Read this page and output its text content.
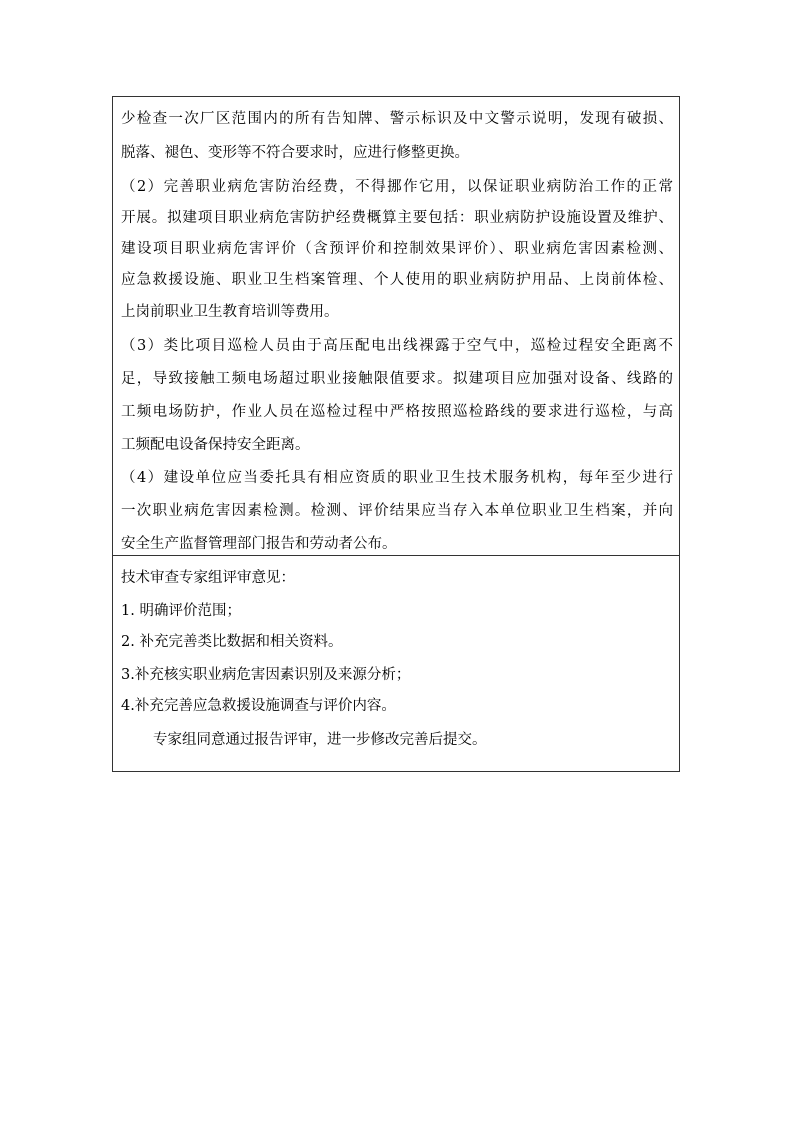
少检查一次厂区范围内的所有告知牌、警示标识及中文警示说明，发现有破损、
脱落、褪色、变形等不符合要求时，应进行修整更换。
（2）完善职业病危害防治经费，不得挪作它用，以保证职业病防治工作的正常
开展。拟建项目职业病危害防护经费概算主要包括：职业病防护设施设置及维护、
建设项目职业病危害评价（含预评价和控制效果评价）、职业病危害因素检测、
应急救援设施、职业卫生档案管理、个人使用的职业病防护用品、上岗前体检、
上岗前职业卫生教育培训等费用。
（3）类比项目巡检人员由于高压配电出线裸露于空气中，巡检过程安全距离不
足，导致接触工频电场超过职业接触限值要求。拟建项目应加强对设备、线路的
工频电场防护，作业人员在巡检过程中严格按照巡检路线的要求进行巡检，与高
工频配电设备保持安全距离。
（4）建设单位应当委托具有相应资质的职业卫生技术服务机构，每年至少进行
一次职业病危害因素检测。检测、评价结果应当存入本单位职业卫生档案，并向
安全生产监督管理部门报告和劳动者公布。
技术审查专家组评审意见：
1. 明确评价范围；
2. 补充完善类比数据和相关资料。
3.补充核实职业病危害因素识别及来源分析；
4.补充完善应急救援设施调查与评价内容。
专家组同意通过报告评审，进一步修改完善后提交。
